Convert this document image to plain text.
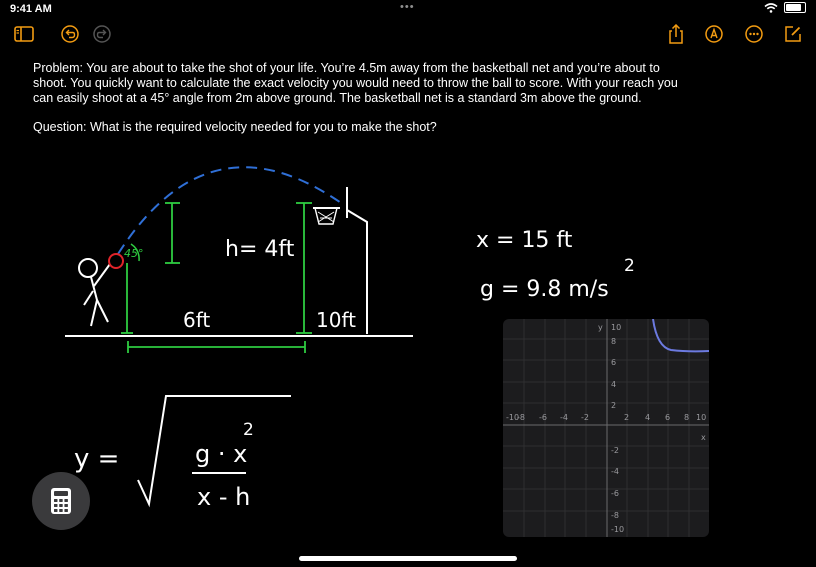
9:41 AM	•••

Problem: You are about to take the shot of your life. You’re 4.5m away from the basketball net and you’re about to shoot. You quickly want to calculate the exact velocity you would need to throw the ball to score. With your reach you can easily shoot at a 45° angle from 2m above ground. The basketball net is a standard 3m above the ground.

Question: What is the required velocity needed for you to make the shot?

45°	h= 4ft
6ft	10ft
x = 15 ft
g = 9.8 m/s
2
y =	g · x
2
x - h
y
x
-10
-8 -6 -4 -2	2 4 6 8 10
10
8
6
4
2
-2
-4
-6
-8
-10
